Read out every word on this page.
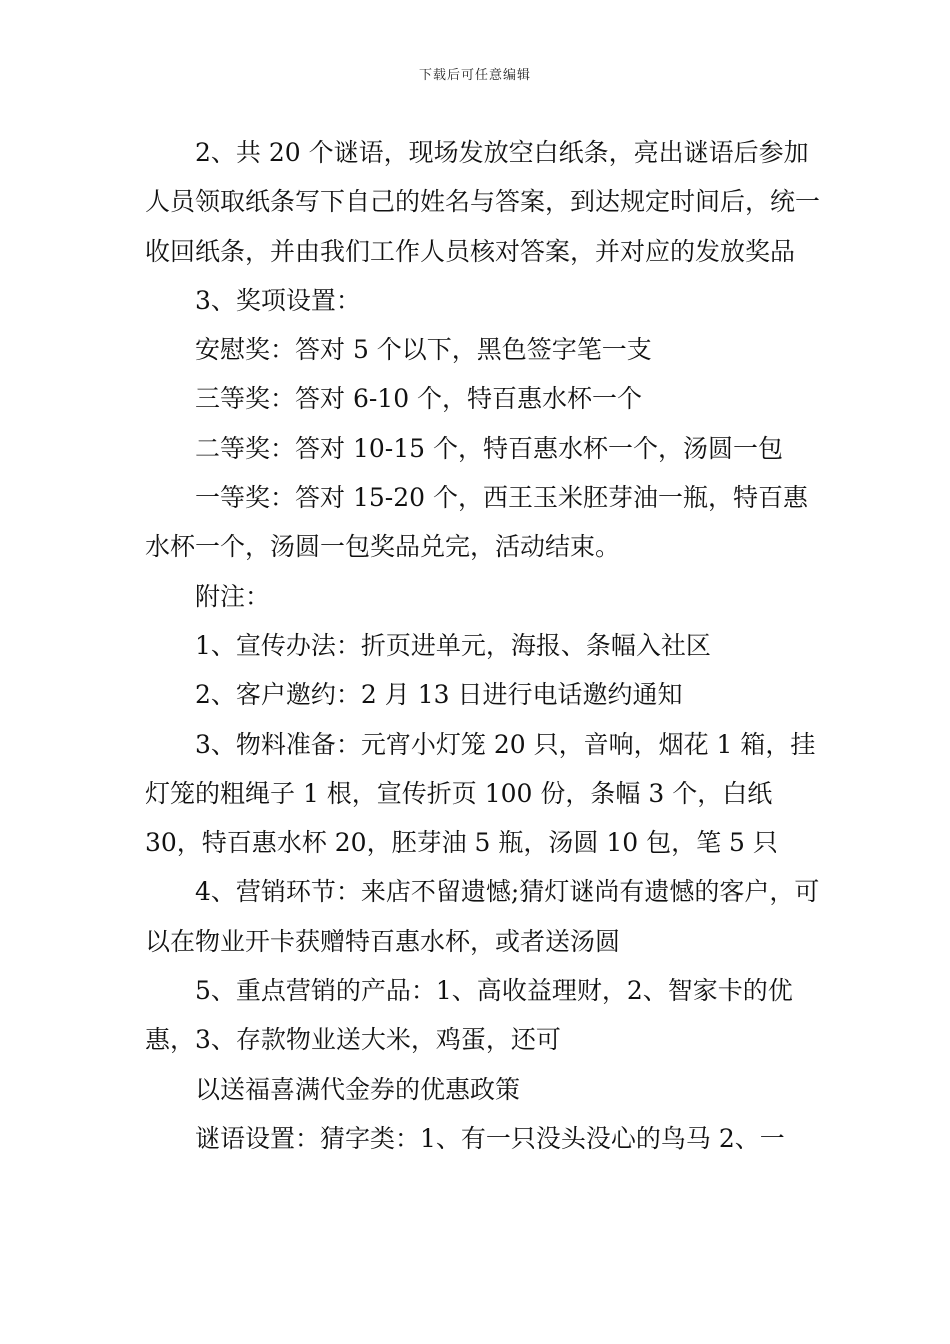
下载后可任意编辑

2、共 20 个谜语，现场发放空白纸条，亮出谜语后参加人员领取纸条写下自己的姓名与答案，到达规定时间后，统一收回纸条，并由我们工作人员核对答案，并对应的发放奖品

3、奖项设置：

安慰奖：答对 5 个以下，黑色签字笔一支

三等奖：答对 6-10 个，特百惠水杯一个

二等奖：答对 10-15 个，特百惠水杯一个，汤圆一包

一等奖：答对 15-20 个，西王玉米胚芽油一瓶，特百惠水杯一个，汤圆一包奖品兑完，活动结束。

附注：

1、宣传办法：折页进单元，海报、条幅入社区

2、客户邀约：2 月 13 日进行电话邀约通知

3、物料准备：元宵小灯笼 20 只，音响，烟花 1 箱，挂灯笼的粗绳子 1 根，宣传折页 100 份，条幅 3 个，白纸 30，特百惠水杯 20，胚芽油 5 瓶，汤圆 10 包，笔 5 只

4、营销环节：来店不留遗憾;猜灯谜尚有遗憾的客户，可以在物业开卡获赠特百惠水杯，或者送汤圆

5、重点营销的产品：1、高收益理财，2、智家卡的优惠，3、存款物业送大米，鸡蛋，还可

以送福喜满代金券的优惠政策

谜语设置：猜字类：1、有一只没头没心的鸟马 2、一
